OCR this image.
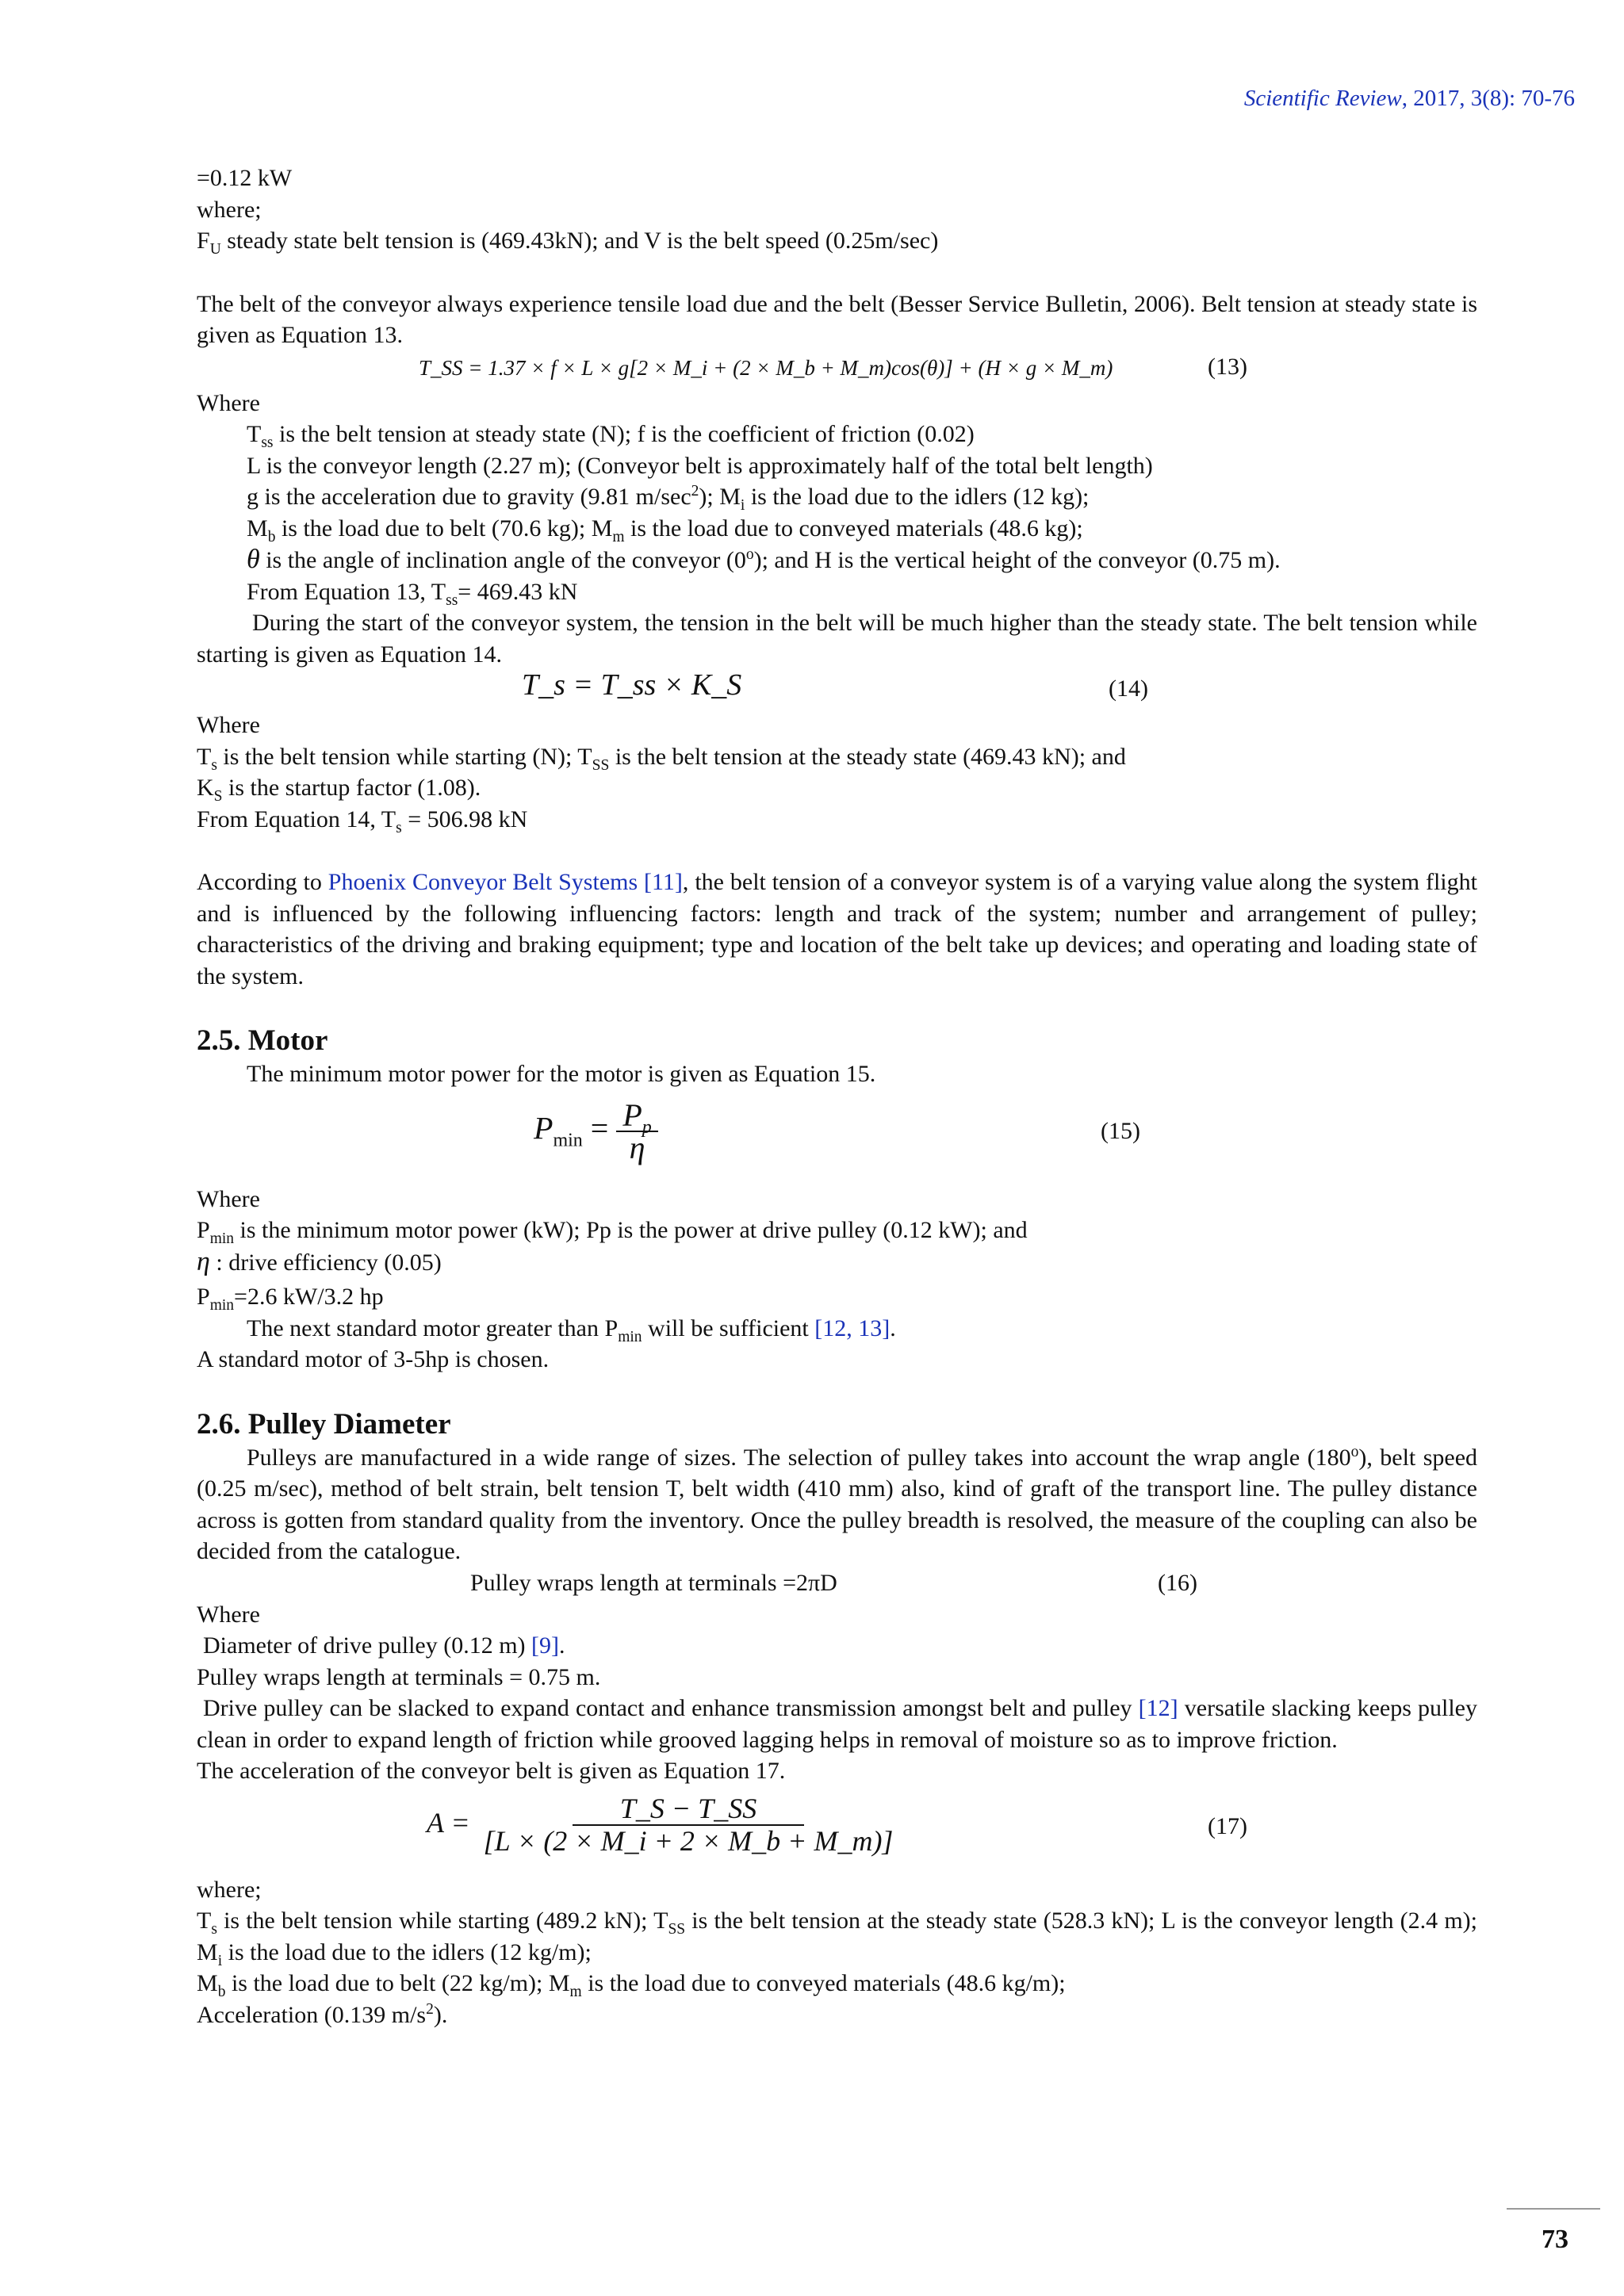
Scientific Review, 2017, 3(8): 70-76

=0.12 kW

where;

$F_U$ steady state belt tension is (469.43kN); and V is the belt speed (0.25m/sec)

The belt of the conveyor always experience tensile load due and the belt (Besser Service Bulletin, 2006). Belt tension at steady state is given as Equation 13.

T_SS = 1.37 × f × L × g[2 × M_i + (2 × M_b + M_m)cos(θ)] + (H × g × M_m)	(13)

Where

$T_{ss}$ is the belt tension at steady state (N); f is the coefficient of friction (0.02)

L is the conveyor length (2.27 m); (Conveyor belt is approximately half of the total belt length)

g is the acceleration due to gravity (9.81 $m/\sec^2$); $M_i$ is the load due to the idlers (12 kg);

$M_b$ is the load due to belt (70.6 kg); $M_m$ is the load due to conveyed materials (48.6 kg);

θ is the angle of inclination angle of the conveyor (0$^o$); and H is the vertical height of the conveyor (0.75 m).

From Equation 13, $T_{ss}= 469.43$ kN

During the start of the conveyor system, the tension in the belt will be much higher than the steady state. The belt tension while starting is given as Equation 14.

T_s = T_ss × K_S	(14)

Where

$T_s$ is the belt tension while starting (N); $T_{SS}$ is the belt tension at the steady state (469.43 kN); and

$K_S$ is the startup factor (1.08).

From Equation 14, $T_s = 506.98$ kN

According to Phoenix Conveyor Belt Systems [11], the belt tension of a conveyor system is of a varying value along the system flight and is influenced by the following influencing factors: length and track of the system; number and arrangement of pulley; characteristics of the driving and braking equipment; type and location of the belt take up devices; and operating and loading state of the system.

2.5. Motor

The minimum motor power for the motor is given as Equation 15.

$P_{min} = \frac{P_p}{\eta}$	(15)

Where

$P_{min}$ is the minimum motor power (kW); Pp is the power at drive pulley (0.12 kW); and

η : drive efficiency (0.05)

$P_{min}=2.6$ kW/3.2 hp

The next standard motor greater than $P_{min}$ will be sufficient [12, 13].

A standard motor of 3-5hp is chosen.

2.6. Pulley Diameter

Pulleys are manufactured in a wide range of sizes. The selection of pulley takes into account the wrap angle (180$^o$), belt speed (0.25 m/sec), method of belt strain, belt tension T, belt width (410 mm) also, kind of graft of the transport line. The pulley distance across is gotten from standard quality from the inventory. Once the pulley breadth is resolved, the measure of the coupling can also be decided from the catalogue.

Pulley wraps length at terminals =2πD	(16)

Where

Diameter of drive pulley (0.12 m) [9].

Pulley wraps length at terminals = 0.75 m.

Drive pulley can be slacked to expand contact and enhance transmission amongst belt and pulley [12] versatile slacking keeps pulley clean in order to expand length of friction while grooved lagging helps in removal of moisture so as to improve friction.

The acceleration of the conveyor belt is given as Equation 17.

$A = \frac{T\_S - T\_SS}{[L \times (2 \times M\_i + 2 \times M\_b + M\_m)]}$	(17)

where;

$T_s$ is the belt tension while starting (489.2 kN); $T_{SS}$ is the belt tension at the steady state (528.3 kN); L is the conveyor length (2.4 m); $M_i$ is the load due to the idlers (12 kg/m);

$M_b$ is the load due to belt (22 kg/m); $M_m$ is the load due to conveyed materials (48.6 kg/m);

Acceleration (0.139 $m/s^2$).

73
